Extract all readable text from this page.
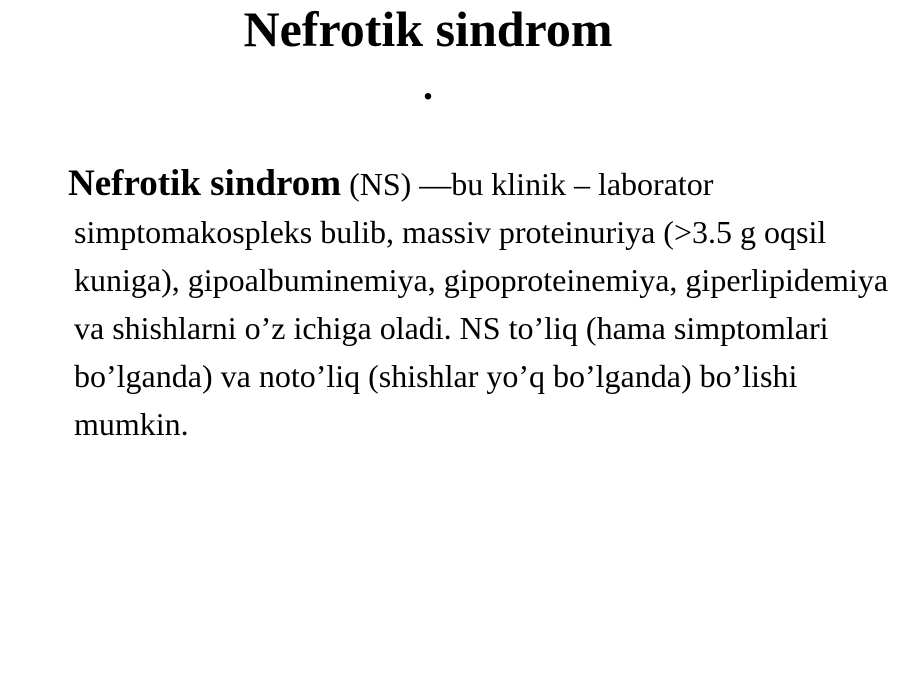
Nefrotik sindrom
.
Nefrotik sindrom (NS) —bu klinik – laborator simptomakospleks bulib, massiv proteinuriya (>3.5 g oqsil kuniga), gipoalbuminemiya, gipoproteinemiya, giperlipidemiya va shishlarni o’z ichiga oladi. NS to’liq (hama simptomlari bo’lganda) va noto’liq (shishlar yo’q bo’lganda) bo’lishi mumkin.
